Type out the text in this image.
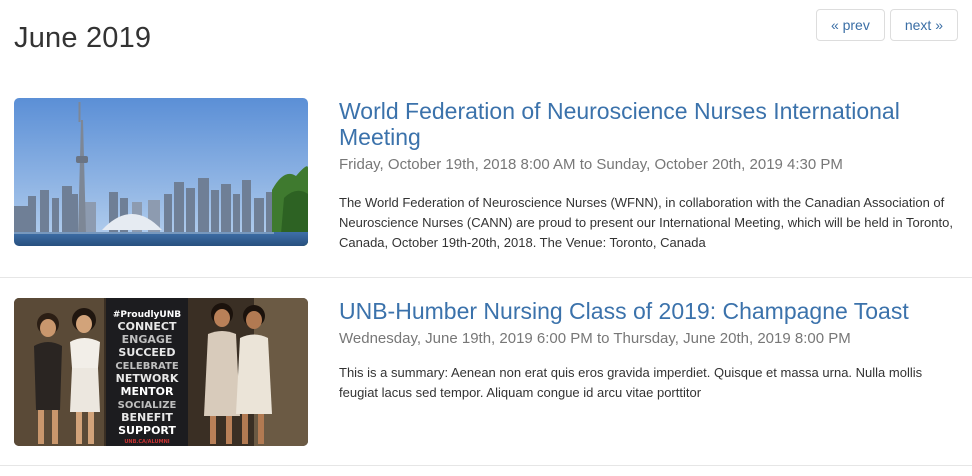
June 2019	« prev	next »
World Federation of Neuroscience Nurses International Meeting

Friday, October 19th, 2018 8:00 AM to Sunday, October 20th, 2019 4:30 PM

The World Federation of Neuroscience Nurses (WFNN), in collaboration with the Canadian Association of Neuroscience Nurses (CANN) are proud to present our International Meeting, which will be held in Toronto, Canada, October 19th-20th, 2018. The Venue: Toronto, Canada

#ProudlyUNB
CONNECT
ENGAGE
SUCCEED
CELEBRATE
NETWORK
MENTOR
SOCIALIZE
BENEFIT
SUPPORT
UNB.CA/ALUMNI
UNB-Humber Nursing Class of 2019: Champagne Toast

Wednesday, June 19th, 2019 6:00 PM to Thursday, June 20th, 2019 8:00 PM

This is a summary: Aenean non erat quis eros gravida imperdiet. Quisque et massa urna. Nulla mollis feugiat lacus sed tempor. Aliquam congue id arcu vitae porttitor
